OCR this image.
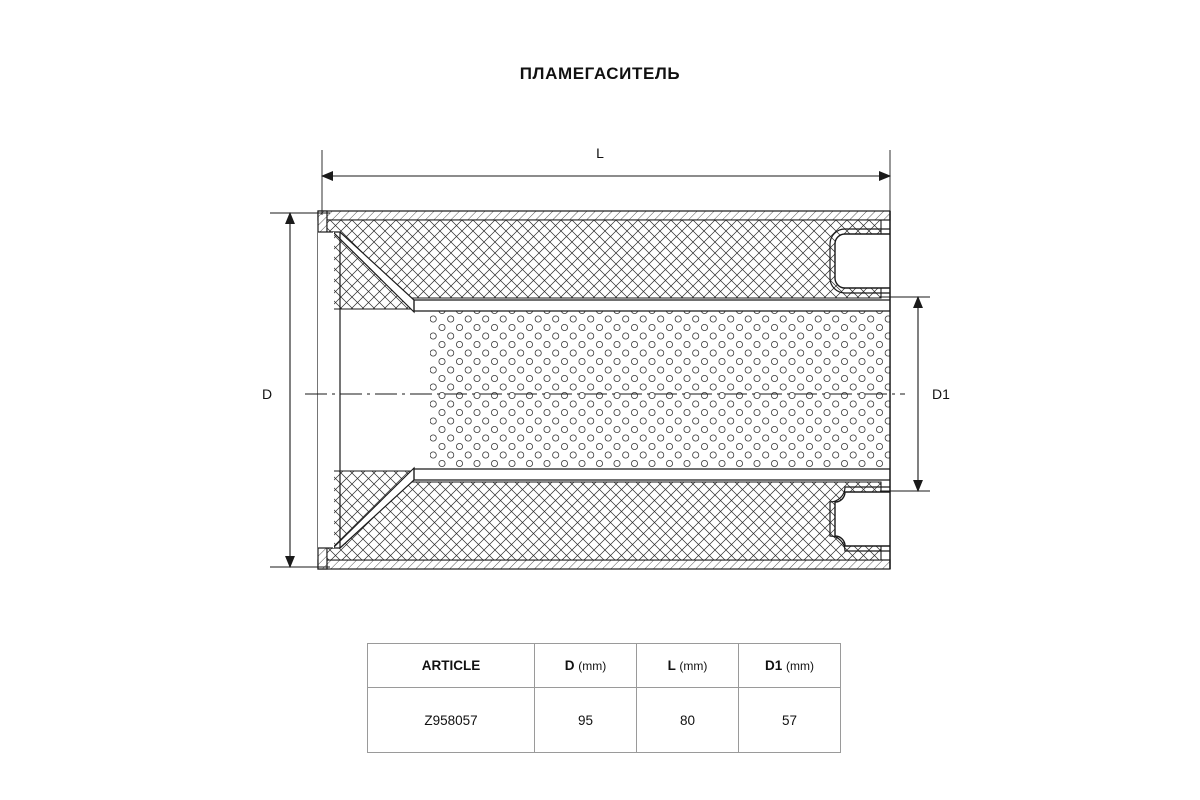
ПЛАМЕГАСИТЕЛЬ
L
D	D1
ARTICLE	D (mm)	L (mm)	D1 (mm)
Z958057	95	80	57
